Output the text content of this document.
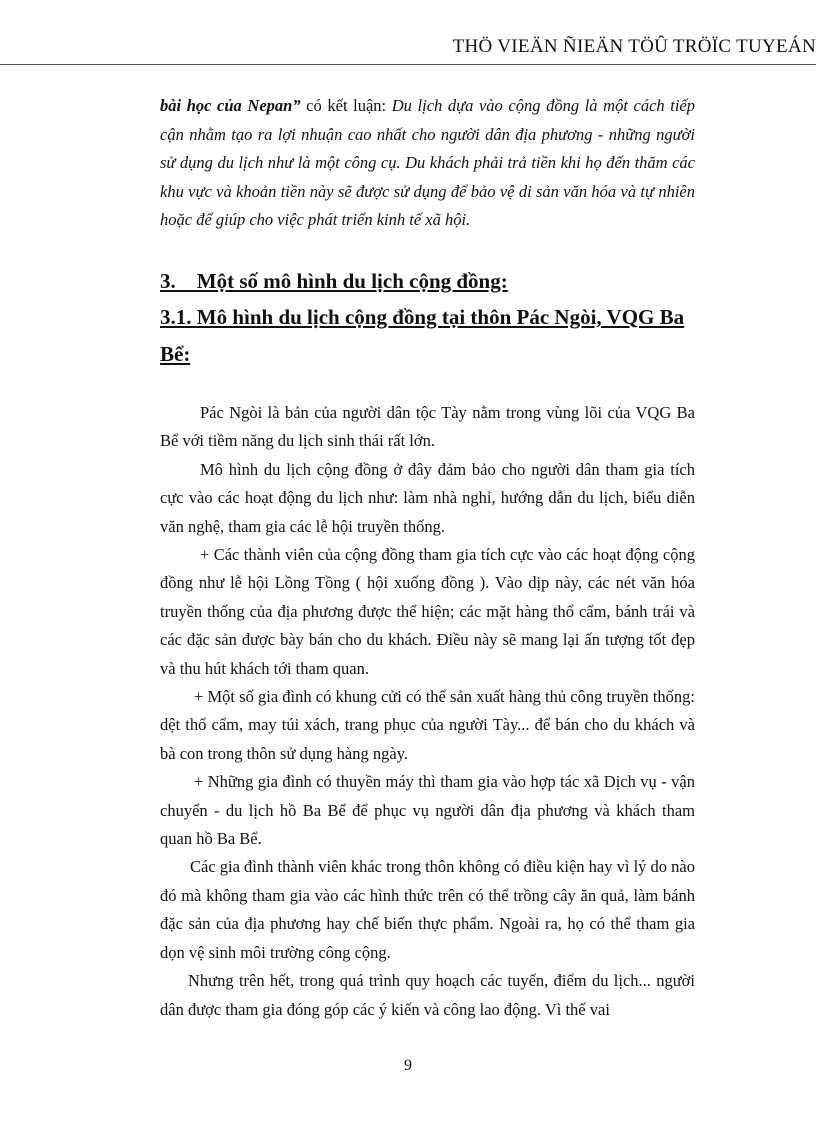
THÖ VIEÄN ÑIEÄN TÖÛ TRÖÏC TUYEÁN

bài học của Nepan” có kết luận: Du lịch dựa vào cộng đồng là một cách tiếp cận nhằm tạo ra lợi nhuận cao nhất cho người dân địa phương - những người sử dụng du lịch như là một công cụ. Du khách phải trả tiền khi họ đến thăm các khu vực và khoản tiền này sẽ được sử dụng để bảo vệ di sản văn hóa và tự nhiên hoặc để giúp cho việc phát triển kinh tế xã hội.

3.    Một số mô hình du lịch cộng đồng:

3.1. Mô hình du lịch cộng đồng tại thôn Pác Ngòi, VQG Ba Bể:

Pác Ngòi là bản của người dân tộc Tày nằm trong vùng lõi của VQG Ba Bể với tiềm năng du lịch sinh thái rất lớn.

Mô hình du lịch cộng đồng ở đây đảm bảo cho người dân tham gia tích cực vào các hoạt động du lịch như: làm nhà nghỉ, hướng dẫn du lịch, biểu diễn văn nghệ, tham gia các lễ hội truyền thống.

+ Các thành viên của cộng đồng tham gia tích cực vào các hoạt động cộng đồng như lễ hội Lồng Tồng ( hội xuống đồng ). Vào dịp này, các nét văn hóa truyền thống của địa phương được thể hiện; các mặt hàng thổ cẩm, bánh trái và các đặc sản được bày bán cho du khách. Điều này sẽ mang lại ấn tượng tốt đẹp và thu hút khách tới tham quan.

+ Một số gia đình có khung cửi có thể sản xuất hàng thủ công truyền thống: dệt thổ cẩm, may túi xách, trang phục của người Tày... để bán cho du khách và bà con trong thôn sử dụng hàng ngày.

+ Những gia đình có thuyền máy thì tham gia vào hợp tác xã Dịch vụ - vận chuyển - du lịch hồ Ba Bể để phục vụ người dân địa phương và khách tham quan hồ Ba Bể.

Các gia đình thành viên khác trong thôn không có điều kiện hay vì lý do nào đó mà không tham gia vào các hình thức trên có thể trồng cây ăn quả, làm bánh đặc sản của địa phương hay chế biến thực phẩm. Ngoài ra, họ có thể tham gia dọn vệ sinh môi trường công cộng.

Nhưng trên hết, trong quá trình quy hoạch các tuyến, điểm du lịch... người dân được tham gia đóng góp các ý kiến và công lao động. Vì thế vai

9
